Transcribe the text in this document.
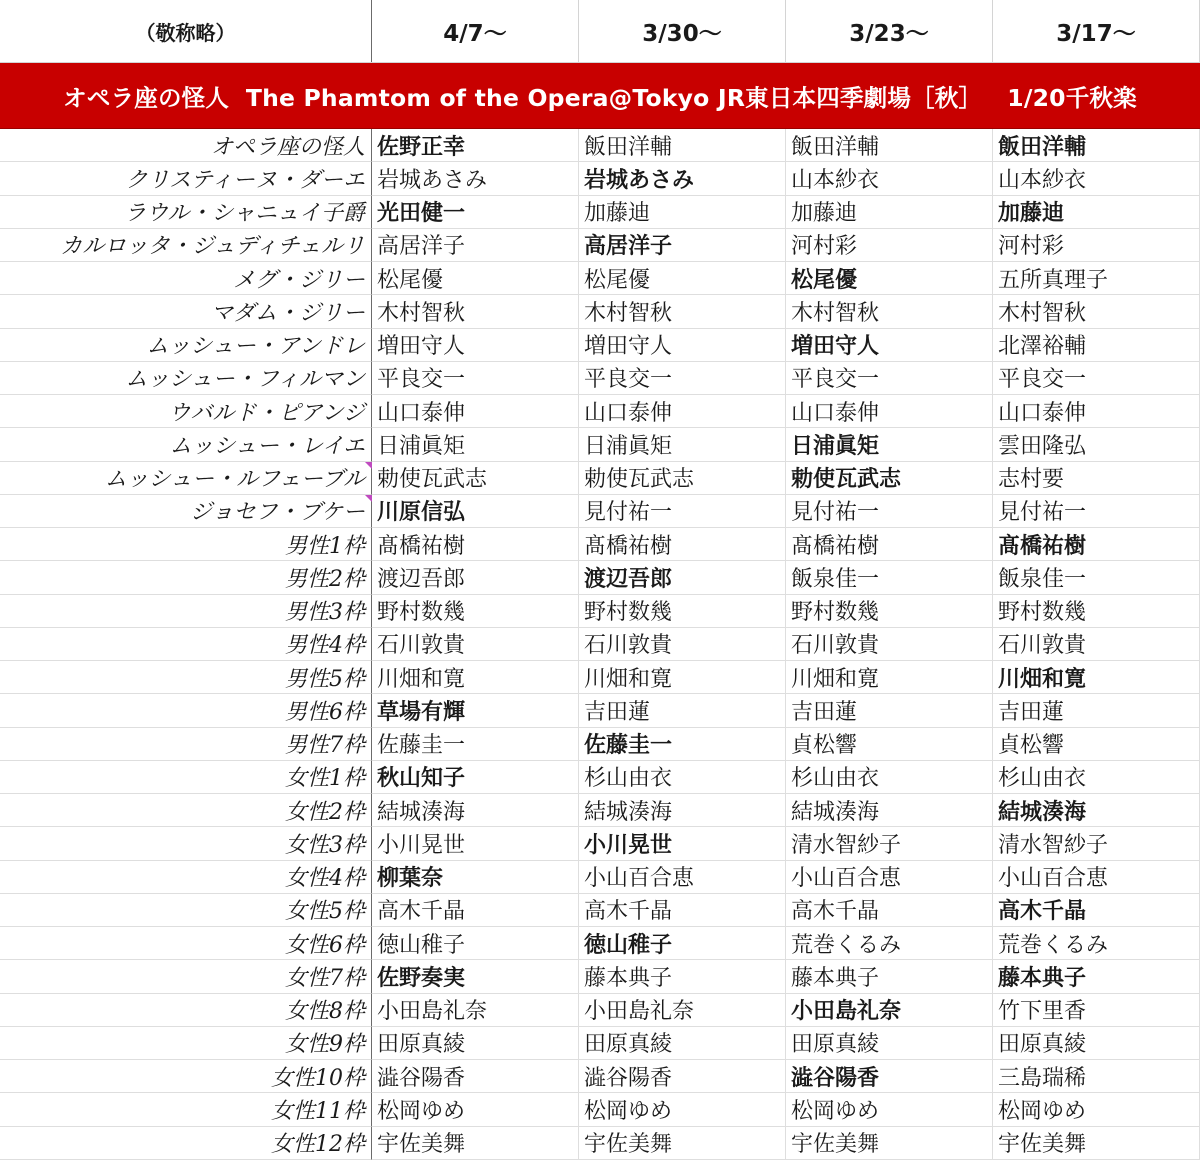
（敬称略）	4/7〜	3/30〜	3/23〜	3/17〜
オペラ座の怪人  The Phamtom of the Opera@Tokyo JR東日本四季劇場［秋］   1/20千秋楽
オペラ座の怪人 佐野正幸	飯田洋輔	飯田洋輔	飯田洋輔
クリスティーヌ・ダーエ 岩城あさみ	岩城あさみ	山本紗衣	山本紗衣
ラウル・シャニュイ子爵 光田健一	加藤迪	加藤迪	加藤迪
カルロッタ・ジュディチェルリ 高居洋子	高居洋子	河村彩	河村彩
メグ・ジリー 松尾優	松尾優	松尾優	五所真理子
マダム・ジリー 木村智秋	木村智秋	木村智秋	木村智秋
ムッシュー・アンドレ 増田守人	増田守人	増田守人	北澤裕輔
ムッシュー・フィルマン 平良交一	平良交一	平良交一	平良交一
ウバルド・ピアンジ 山口泰伸	山口泰伸	山口泰伸	山口泰伸
ムッシュー・レイエ 日浦眞矩	日浦眞矩	日浦眞矩	雲田隆弘
ムッシュー・ルフェーブル 勅使瓦武志	勅使瓦武志	勅使瓦武志	志村要
ジョセフ・ブケー 川原信弘	見付祐一	見付祐一	見付祐一
男性1枠 髙橋祐樹	髙橋祐樹	髙橋祐樹	髙橋祐樹
男性2枠 渡辺吾郎	渡辺吾郎	飯泉佳一	飯泉佳一
男性3枠 野村数幾	野村数幾	野村数幾	野村数幾
男性4枠 石川敦貴	石川敦貴	石川敦貴	石川敦貴
男性5枠 川畑和寛	川畑和寛	川畑和寛	川畑和寛
男性6枠 草場有輝	吉田蓮	吉田蓮	吉田蓮
男性7枠 佐藤圭一	佐藤圭一	貞松響	貞松響
女性1枠 秋山知子	杉山由衣	杉山由衣	杉山由衣
女性2枠 結城湊海	結城湊海	結城湊海	結城湊海
女性3枠 小川晃世	小川晃世	清水智紗子	清水智紗子
女性4枠 柳葉奈	小山百合恵	小山百合恵	小山百合恵
女性5枠 高木千晶	高木千晶	高木千晶	高木千晶
女性6枠 徳山稚子	徳山稚子	荒巻くるみ	荒巻くるみ
女性7枠 佐野奏実	藤本典子	藤本典子	藤本典子
女性8枠 小田島礼奈	小田島礼奈	小田島礼奈	竹下里香
女性9枠 田原真綾	田原真綾	田原真綾	田原真綾
女性10枠 澁谷陽香	澁谷陽香	澁谷陽香	三島瑞稀
女性11枠 松岡ゆめ	松岡ゆめ	松岡ゆめ	松岡ゆめ
女性12枠 宇佐美舞	宇佐美舞	宇佐美舞	宇佐美舞
